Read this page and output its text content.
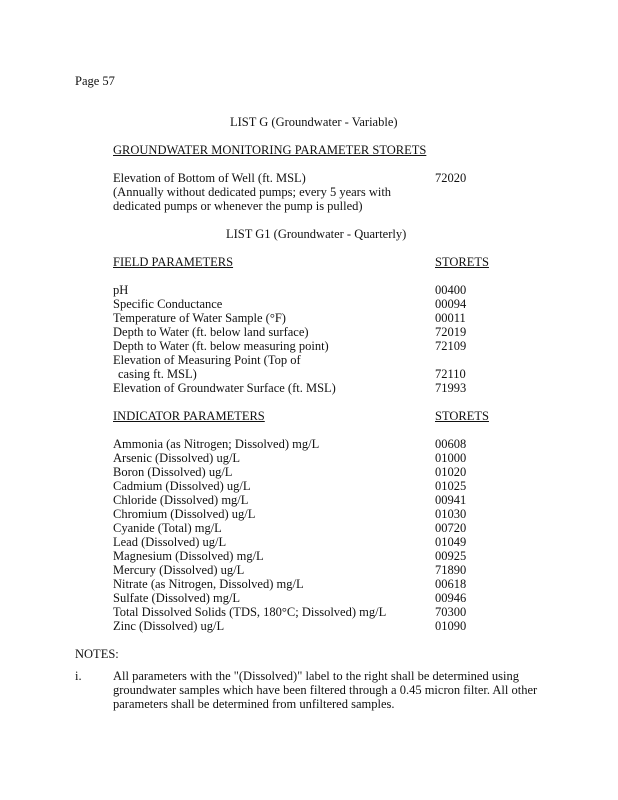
Page 57
LIST G (Groundwater - Variable)
GROUNDWATER MONITORING PARAMETER STORETS
Elevation of Bottom of Well (ft. MSL)	72020
(Annually without dedicated pumps; every 5 years with
dedicated pumps or whenever the pump is pulled)
LIST G1 (Groundwater - Quarterly)
FIELD PARAMETERS	STORETS
pH	00400
Specific Conductance	00094
Temperature of Water Sample (°F)	00011
Depth to Water (ft. below land surface)	72019
Depth to Water (ft. below measuring point)	72109
Elevation of Measuring Point (Top of
casing ft. MSL)	72110
Elevation of Groundwater Surface (ft. MSL)	71993
INDICATOR PARAMETERS	STORETS
Ammonia (as Nitrogen; Dissolved) mg/L	00608
Arsenic (Dissolved) ug/L	01000
Boron (Dissolved) ug/L	01020
Cadmium (Dissolved) ug/L	01025
Chloride (Dissolved) mg/L	00941
Chromium (Dissolved) ug/L	01030
Cyanide (Total) mg/L	00720
Lead (Dissolved) ug/L	01049
Magnesium (Dissolved) mg/L	00925
Mercury (Dissolved) ug/L	71890
Nitrate (as Nitrogen, Dissolved) mg/L	00618
Sulfate (Dissolved) mg/L	00946
Total Dissolved Solids (TDS, 180°C; Dissolved) mg/L	70300
Zinc (Dissolved) ug/L	01090
NOTES:
i.	All parameters with the "(Dissolved)" label to the right shall be determined using
groundwater samples which have been filtered through a 0.45 micron filter. All other
parameters shall be determined from unfiltered samples.
